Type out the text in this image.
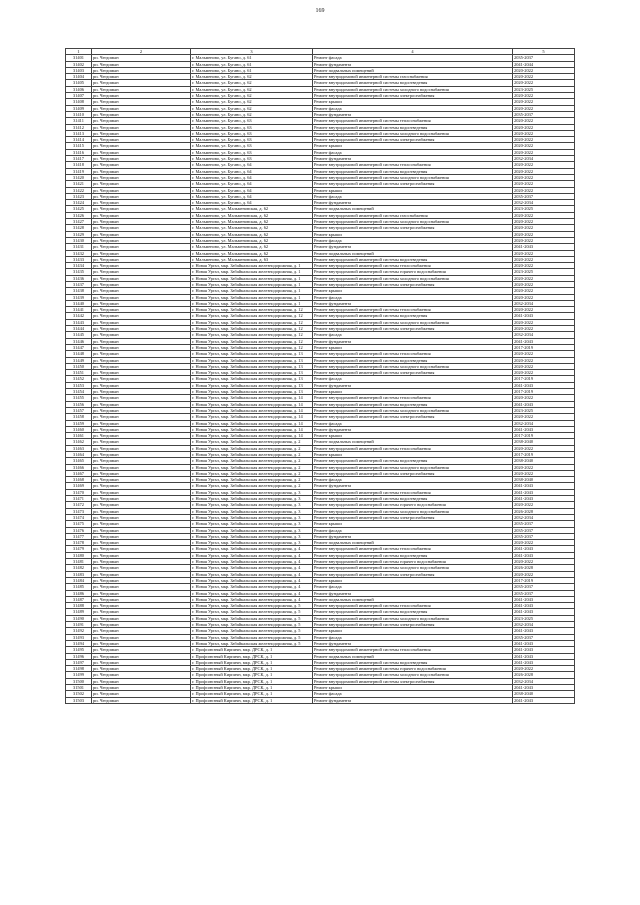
169
1	2	3	4	5
31401	рп. Чегдомын	г. Мальменово, ул. Бугано, д. 61	Ремонт фасада	2035-2037
31402	рп. Чегдомын	г. Мальменово, ул. Бугано, д. 61	Ремонт фундамента	2041-2044
31403	рп. Чегдомын	г. Мальменово, ул. Бугано, д. 61	Ремонт подвальных помещений	2020-2022
31404	рп. Чегдомын	г. Мальменово, ул. Бугано, д. 62	Ремонт внутридомовой инженерной системы газоснабжения	2020-2022
31405	рп. Чегдомын	г. Мальменово, ул. Бугано, д. 62	Ремонт внутридомовой инженерной системы водоотведения	2020-2022
31406	рп. Чегдомын	г. Мальменово, ул. Бугано, д. 62	Ремонт внутридомовой инженерной системы холодного водоснабжения	2023-2025
31407	рп. Чегдомын	г. Мальменово, ул. Бугано, д. 62	Ремонт внутридомовой инженерной системы электроснабжения	2020-2022
31408	рп. Чегдомын	г. Мальменово, ул. Бугано, д. 62	Ремонт крыши	2020-2022
31409	рп. Чегдомын	г. Мальменово, ул. Бугано, д. 62	Ремонт фасада	2020-2022
31410	рп. Чегдомын	г. Мальменово, ул. Бугано, д. 62	Ремонт фундамента	2035-2037
31411	рп. Чегдомын	г. Мальменово, ул. Бугано, д. 63	Ремонт внутридомовой инженерной системы теплоснабжения	2020-2022
31412	рп. Чегдомын	г. Мальменово, ул. Бугано, д. 63	Ремонт внутридомовой инженерной системы водоотведения	2020-2022
31413	рп. Чегдомын	г. Мальменово, ул. Бугано, д. 63	Ремонт внутридомовой инженерной системы холодного водоснабжения	2020-2022
31414	рп. Чегдомын	г. Мальменово, ул. Бугано, д. 63	Ремонт внутридомовой инженерной системы электроснабжения	2020-2022
31415	рп. Чегдомын	г. Мальменово, ул. Бугано, д. 63	Ремонт крыши	2020-2022
31416	рп. Чегдомын	г. Мальменово, ул. Бугано, д. 63	Ремонт фасада	2020-2022
31417	рп. Чегдомын	г. Мальменово, ул. Бугано, д. 63	Ремонт фундамента	2032-2034
31418	рп. Чегдомын	г. Мальменово, ул. Бугано, д. 64	Ремонт внутридомовой инженерной системы теплоснабжения	2020-2022
31419	рп. Чегдомын	г. Мальменово, ул. Бугано, д. 64	Ремонт внутридомовой инженерной системы водоотведения	2020-2022
31420	рп. Чегдомын	г. Мальменово, ул. Бугано, д. 64	Ремонт внутридомовой инженерной системы холодного водоснабжения	2020-2022
31421	рп. Чегдомын	г. Мальменово, ул. Бугано, д. 64	Ремонт внутридомовой инженерной системы электроснабжения	2020-2022
31422	рп. Чегдомын	г. Мальменово, ул. Бугано, д. 64	Ремонт крыши	2020-2022
31423	рп. Чегдомын	г. Мальменово, ул. Бугано, д. 64	Ремонт фасада	2035-2037
31424	рп. Чегдомын	г. Мальменово, ул. Бугано, д. 64	Ремонт фундамента	2032-2034
31425	рп. Чегдомын	г. Мальменово, ул. Мальменовская, д. 62	Ремонт подвальных помещений	2023-2025
31426	рп. Чегдомын	г. Мальменово, ул. Мальменовская, д. 62	Ремонт внутридомовой инженерной системы газоснабжения	2020-2022
31427	рп. Чегдомын	г. Мальменово, ул. Мальменовская, д. 62	Ремонт внутридомовой инженерной системы холодного водоснабжения	2020-2022
31428	рп. Чегдомын	г. Мальменово, ул. Мальменовская, д. 62	Ремонт внутридомовой инженерной системы электроснабжения	2020-2022
31429	рп. Чегдомын	г. Мальменово, ул. Мальменовская, д. 62	Ремонт крыши	2020-2022
31430	рп. Чегдомын	г. Мальменово, ул. Мальменовская, д. 62	Ремонт фасада	2020-2022
31431	рп. Чегдомын	г. Мальменово, ул. Мальменовская, д. 62	Ремонт фундамента	2041-2043
31432	рп. Чегдомын	г. Мальменово, ул. Мальменовская, д. 62	Ремонт подвальных помещений	2020-2022
31433	рп. Чегдомын	г. Мальменово, ул. Мальменовская, д. 63	Ремонт внутридомовой инженерной системы водоотведения	2020-2022
31434	рп. Чегдомын	г. Новая Ургал, мкр. Забайкальская железнодорожная, д. 1	Ремонт внутридомовой инженерной системы теплоснабжения	2020-2022
31435	рп. Чегдомын	г. Новая Ургал, мкр. Забайкальская железнодорожная, д. 1	Ремонт внутридомовой инженерной системы горячего водоснабжения	2023-2025
31436	рп. Чегдомын	г. Новая Ургал, мкр. Забайкальская железнодорожная, д. 1	Ремонт внутридомовой инженерной системы холодного водоснабжения	2020-2022
31437	рп. Чегдомын	г. Новая Ургал, мкр. Забайкальская железнодорожная, д. 1	Ремонт внутридомовой инженерной системы электроснабжения	2020-2022
31438	рп. Чегдомын	г. Новая Ургал, мкр. Забайкальская железнодорожная, д. 1	Ремонт крыши	2020-2022
31439	рп. Чегдомын	г. Новая Ургал, мкр. Забайкальская железнодорожная, д. 1	Ремонт фасада	2020-2022
31440	рп. Чегдомын	г. Новая Ургал, мкр. Забайкальская железнодорожная, д. 1	Ремонт фундамента	2032-2034
31441	рп. Чегдомын	г. Новая Ургал, мкр. Забайкальская железнодорожная, д. 12	Ремонт внутридомовой инженерной системы теплоснабжения	2020-2022
31442	рп. Чегдомын	г. Новая Ургал, мкр. Забайкальская железнодорожная, д. 12	Ремонт внутридомовой инженерной системы водоотведения	2041-2043
31443	рп. Чегдомын	г. Новая Ургал, мкр. Забайкальская железнодорожная, д. 12	Ремонт внутридомовой инженерной системы холодного водоснабжения	2020-2022
31444	рп. Чегдомын	г. Новая Ургал, мкр. Забайкальская железнодорожная, д. 12	Ремонт внутридомовой инженерной системы электроснабжения	2020-2022
31445	рп. Чегдомын	г. Новая Ургал, мкр. Забайкальская железнодорожная, д. 12	Ремонт фасада	2032-2034
31446	рп. Чегдомын	г. Новая Ургал, мкр. Забайкальская железнодорожная, д. 12	Ремонт фундамента	2041-2043
31447	рп. Чегдомын	г. Новая Ургал, мкр. Забайкальская железнодорожная, д. 12	Ремонт крыши	2017-2019
31448	рп. Чегдомын	г. Новая Ургал, мкр. Забайкальская железнодорожная, д. 13	Ремонт внутридомовой инженерной системы теплоснабжения	2020-2022
31449	рп. Чегдомын	г. Новая Ургал, мкр. Забайкальская железнодорожная, д. 13	Ремонт внутридомовой инженерной системы водоотведения	2020-2022
31450	рп. Чегдомын	г. Новая Ургал, мкр. Забайкальская железнодорожная, д. 13	Ремонт внутридомовой инженерной системы холодного водоснабжения	2020-2022
31451	рп. Чегдомын	г. Новая Ургал, мкр. Забайкальская железнодорожная, д. 13	Ремонт внутридомовой инженерной системы электроснабжения	2020-2022
31452	рп. Чегдомын	г. Новая Ургал, мкр. Забайкальская железнодорожная, д. 13	Ремонт фасада	2017-2019
31453	рп. Чегдомын	г. Новая Ургал, мкр. Забайкальская железнодорожная, д. 13	Ремонт фундамента	2041-2043
31454	рп. Чегдомын	г. Новая Ургал, мкр. Забайкальская железнодорожная, д. 13	Ремонт крыши	2017-2019
31455	рп. Чегдомын	г. Новая Ургал, мкр. Забайкальская железнодорожная, д. 14	Ремонт внутридомовой инженерной системы теплоснабжения	2020-2022
31456	рп. Чегдомын	г. Новая Ургал, мкр. Забайкальская железнодорожная, д. 14	Ремонт внутридомовой инженерной системы водоотведения	2041-2043
31457	рп. Чегдомын	г. Новая Ургал, мкр. Забайкальская железнодорожная, д. 14	Ремонт внутридомовой инженерной системы холодного водоснабжения	2023-2025
31458	рп. Чегдомын	г. Новая Ургал, мкр. Забайкальская железнодорожная, д. 14	Ремонт внутридомовой инженерной системы электроснабжения	2020-2022
31459	рп. Чегдомын	г. Новая Ургал, мкр. Забайкальская железнодорожная, д. 14	Ремонт фасада	2032-2034
31460	рп. Чегдомын	г. Новая Ургал, мкр. Забайкальская железнодорожная, д. 14	Ремонт фундамента	2041-2043
31461	рп. Чегдомын	г. Новая Ургал, мкр. Забайкальская железнодорожная, д. 14	Ремонт крыши	2017-2019
31462	рп. Чегдомын	г. Новая Ургал, мкр. Забайкальская железнодорожная, д. 2	Ремонт подвальных помещений	2038-2040
31463	рп. Чегдомын	г. Новая Ургал, мкр. Забайкальская железнодорожная, д. 2	Ремонт внутридомовой инженерной системы теплоснабжения	2020-2022
31464	рп. Чегдомын	г. Новая Ургал, мкр. Забайкальская железнодорожная, д. 2	Ремонт крыши	2017-2019
31465	рп. Чегдомын	г. Новая Ургал, мкр. Забайкальская железнодорожная, д. 2	Ремонт внутридомовой инженерной системы водоотведения	2038-2040
31466	рп. Чегдомын	г. Новая Ургал, мкр. Забайкальская железнодорожная, д. 2	Ремонт внутридомовой инженерной системы холодного водоснабжения	2020-2022
31467	рп. Чегдомын	г. Новая Ургал, мкр. Забайкальская железнодорожная, д. 2	Ремонт внутридомовой инженерной системы электроснабжения	2020-2022
31468	рп. Чегдомын	г. Новая Ургал, мкр. Забайкальская железнодорожная, д. 2	Ремонт фасада	2038-2040
31469	рп. Чегдомын	г. Новая Ургал, мкр. Забайкальская железнодорожная, д. 2	Ремонт фундамента	2041-2043
31470	рп. Чегдомын	г. Новая Ургал, мкр. Забайкальская железнодорожная, д. 3	Ремонт внутридомовой инженерной системы теплоснабжения	2041-2043
31471	рп. Чегдомын	г. Новая Ургал, мкр. Забайкальская железнодорожная, д. 3	Ремонт внутридомовой инженерной системы водоотведения	2041-2043
31472	рп. Чегдомын	г. Новая Ургал, мкр. Забайкальская железнодорожная, д. 3	Ремонт внутридомовой инженерной системы горячего водоснабжения	2020-2022
31473	рп. Чегдомын	г. Новая Ургал, мкр. Забайкальская железнодорожная, д. 3	Ремонт внутридомовой инженерной системы холодного водоснабжения	2026-2028
31474	рп. Чегдомын	г. Новая Ургал, мкр. Забайкальская железнодорожная, д. 3	Ремонт внутридомовой инженерной системы электроснабжения	2032-2034
31475	рп. Чегдомын	г. Новая Ургал, мкр. Забайкальская железнодорожная, д. 3	Ремонт крыши	2035-2037
31476	рп. Чегдомын	г. Новая Ургал, мкр. Забайкальская железнодорожная, д. 3	Ремонт фасада	2035-2037
31477	рп. Чегдомын	г. Новая Ургал, мкр. Забайкальская железнодорожная, д. 3	Ремонт фундамента	2035-2037
31478	рп. Чегдомын	г. Новая Ургал, мкр. Забайкальская железнодорожная, д. 3	Ремонт подвальных помещений	2020-2022
31479	рп. Чегдомын	г. Новая Ургал, мкр. Забайкальская железнодорожная, д. 4	Ремонт внутридомовой инженерной системы теплоснабжения	2041-2043
31480	рп. Чегдомын	г. Новая Ургал, мкр. Забайкальская железнодорожная, д. 4	Ремонт внутридомовой инженерной системы водоотведения	2041-2043
31481	рп. Чегдомын	г. Новая Ургал, мкр. Забайкальская железнодорожная, д. 4	Ремонт внутридомовой инженерной системы горячего водоснабжения	2020-2022
31482	рп. Чегдомын	г. Новая Ургал, мкр. Забайкальская железнодорожная, д. 4	Ремонт внутридомовой инженерной системы холодного водоснабжения	2026-2028
31483	рп. Чегдомын	г. Новая Ургал, мкр. Забайкальская железнодорожная, д. 4	Ремонт внутридомовой инженерной системы электроснабжения	2020-2022
31484	рп. Чегдомын	г. Новая Ургал, мкр. Забайкальская железнодорожная, д. 4	Ремонт крыши	2017-2019
31485	рп. Чегдомын	г. Новая Ургал, мкр. Забайкальская железнодорожная, д. 4	Ремонт фасада	2035-2037
31486	рп. Чегдомын	г. Новая Ургал, мкр. Забайкальская железнодорожная, д. 4	Ремонт фундамента	2035-2037
31487	рп. Чегдомын	г. Новая Ургал, мкр. Забайкальская железнодорожная, д. 4	Ремонт подвальных помещений	2041-2043
31488	рп. Чегдомын	г. Новая Ургал, мкр. Забайкальская железнодорожная, д. 5	Ремонт внутридомовой инженерной системы теплоснабжения	2041-2043
31489	рп. Чегдомын	г. Новая Ургал, мкр. Забайкальская железнодорожная, д. 5	Ремонт внутридомовой инженерной системы водоотведения	2041-2043
31490	рп. Чегдомын	г. Новая Ургал, мкр. Забайкальская железнодорожная, д. 5	Ремонт внутридомовой инженерной системы холодного водоснабжения	2023-2025
31491	рп. Чегдомын	г. Новая Ургал, мкр. Забайкальская железнодорожная, д. 5	Ремонт внутридомовой инженерной системы электроснабжения	2032-2034
31492	рп. Чегдомын	г. Новая Ургал, мкр. Забайкальская железнодорожная, д. 5	Ремонт крыши	2041-2043
31493	рп. Чегдомын	г. Новая Ургал, мкр. Забайкальская железнодорожная, д. 5	Ремонт фасада	2035-2037
31494	рп. Чегдомын	г. Новая Ургал, мкр. Забайкальская железнодорожная, д. 5	Ремонт фундамента	2041-2043
31495	рп. Чегдомын	г. Профсоюзный Кирпичн, мкр. ДРСК, д. 1	Ремонт внутридомовой инженерной системы теплоснабжения	2041-2043
31496	рп. Чегдомын	г. Профсоюзный Кирпичн, мкр. ДРСК, д. 1	Ремонт подвальных помещений	2041-2043
31497	рп. Чегдомын	г. Профсоюзный Кирпичн, мкр. ДРСК, д. 1	Ремонт внутридомовой инженерной системы водоотведения	2041-2043
31498	рп. Чегдомын	г. Профсоюзный Кирпичн, мкр. ДРСК, д. 1	Ремонт внутридомовой инженерной системы горячего водоснабжения	2020-2022
31499	рп. Чегдомын	г. Профсоюзный Кирпичн, мкр. ДРСК, д. 1	Ремонт внутридомовой инженерной системы холодного водоснабжения	2026-2028
31500	рп. Чегдомын	г. Профсоюзный Кирпичн, мкр. ДРСК, д. 1	Ремонт внутридомовой инженерной системы электроснабжения	2032-2034
31501	рп. Чегдомын	г. Профсоюзный Кирпичн, мкр. ДРСК, д. 1	Ремонт крыши	2041-2043
31502	рп. Чегдомын	г. Профсоюзный Кирпичн, мкр. ДРСК, д. 1	Ремонт фасада	2038-2040
31503	рп. Чегдомын	г. Профсоюзный Кирпичн, мкр. ДРСК, д. 1	Ремонт фундамента	2041-2043
